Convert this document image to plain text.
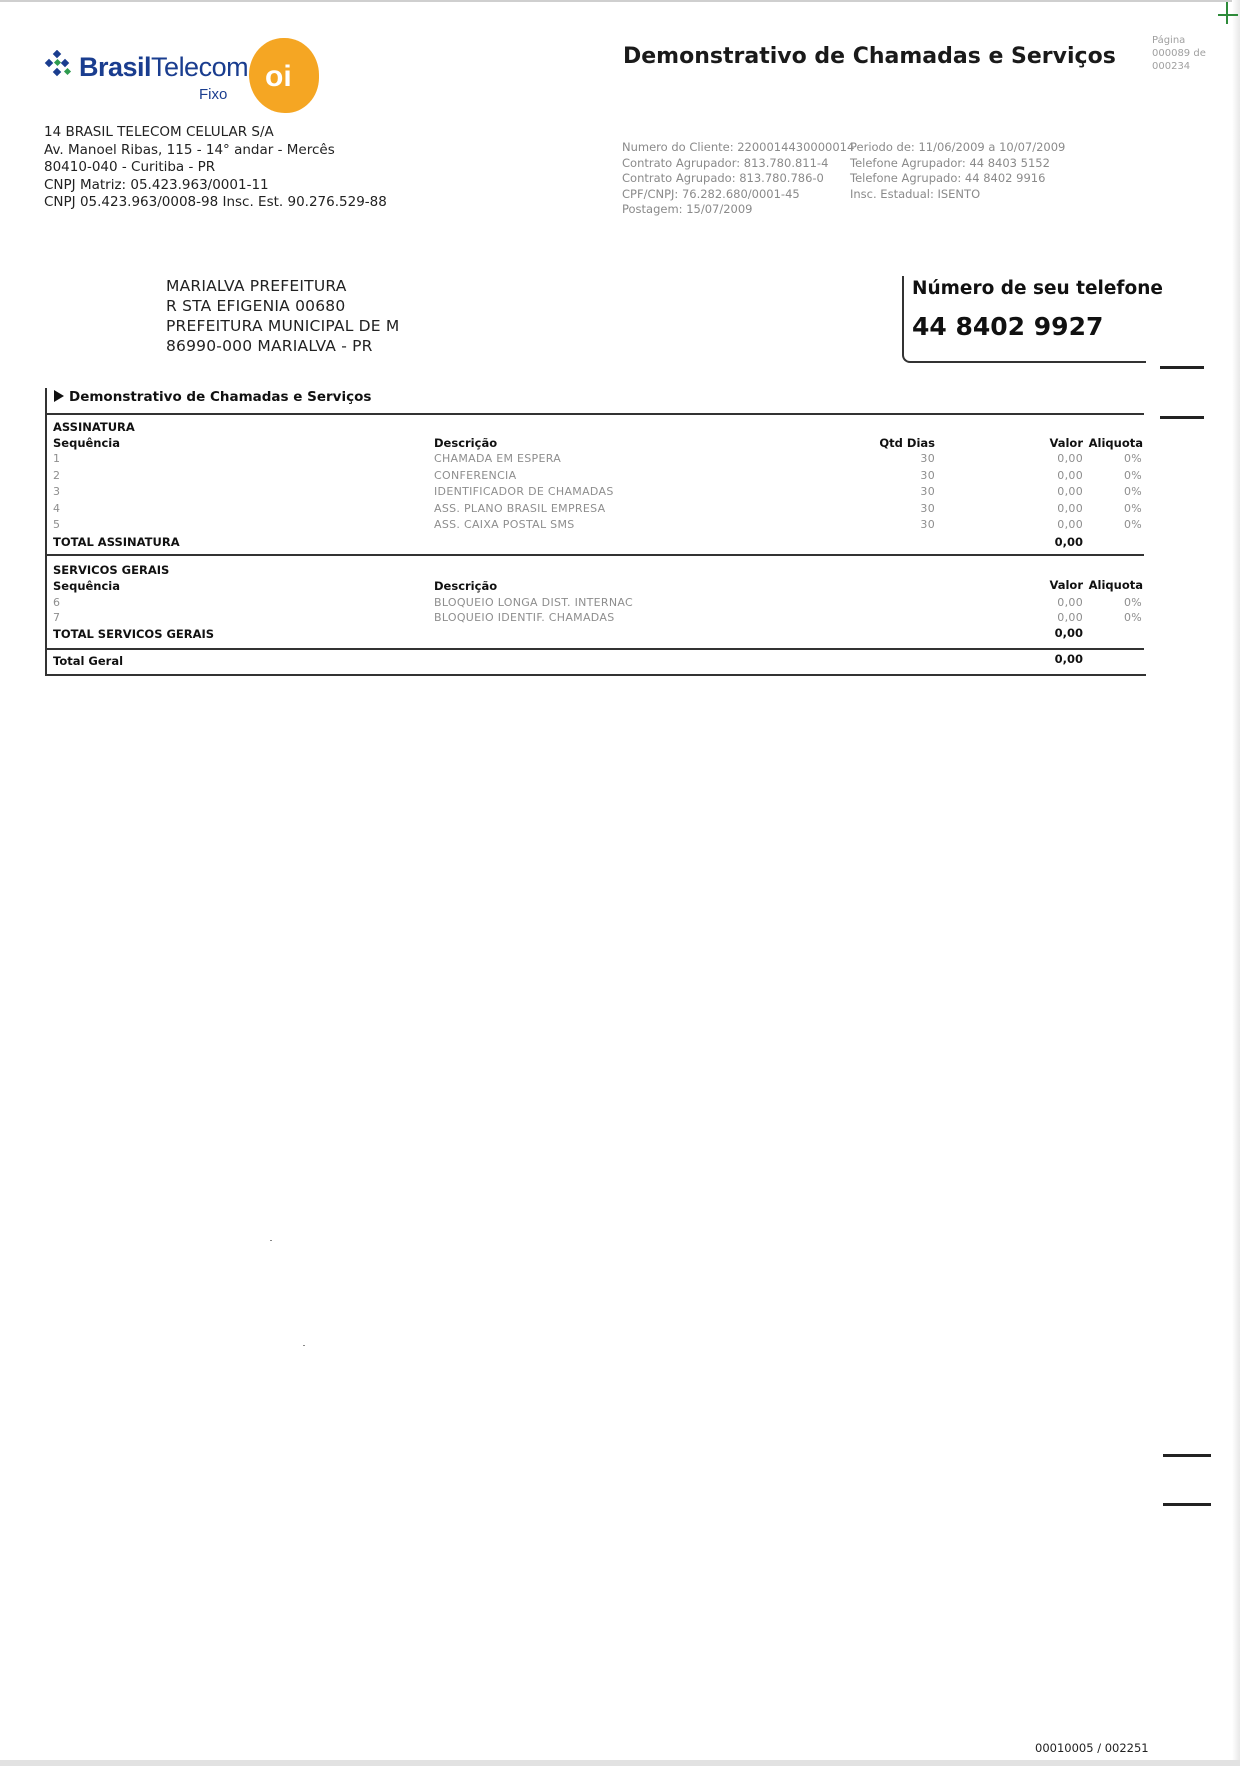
BrasilTelecom
Fixo
oi
14 BRASIL TELECOM CELULAR S/A
Av. Manoel Ribas, 115 - 14° andar - Mercês
80410-040 - Curitiba - PR
CNPJ Matriz: 05.423.963/0001-11
CNPJ 05.423.963/0008-98 Insc. Est. 90.276.529-88
Demonstrativo de Chamadas e Serviços
Página
000089 de
000234
Numero do Cliente: 2200014430000014
Contrato Agrupador: 813.780.811-4
Contrato Agrupado: 813.780.786-0
CPF/CNPJ: 76.282.680/0001-45
Postagem: 15/07/2009
Periodo de: 11/06/2009 a 10/07/2009
Telefone Agrupador: 44 8403 5152
Telefone Agrupado: 44 8402 9916
Insc. Estadual: ISENTO
MARIALVA PREFEITURA
R STA EFIGENIA 00680
PREFEITURA MUNICIPAL DE M
86990-000 MARIALVA - PR
Número de seu telefone
44 8402 9927
Demonstrativo de Chamadas e Serviços
ASSINATURA
Sequência	Descrição	Qtd Dias	Valor Aliquota
1	CHAMADA EM ESPERA	30	0,00	0%
2	CONFERENCIA	30	0,00	0%
3	IDENTIFICADOR DE CHAMADAS	30	0,00	0%
4	ASS. PLANO BRASIL EMPRESA	30	0,00	0%
5	ASS. CAIXA POSTAL SMS	30	0,00	0%
TOTAL ASSINATURA	0,00
SERVICOS GERAIS
Sequência	Descrição	Valor Aliquota
6	BLOQUEIO LONGA DIST. INTERNAC	0,00	0%
7	BLOQUEIO IDENTIF. CHAMADAS	0,00	0%
TOTAL SERVICOS GERAIS	0,00
Total Geral	0,00
00010005 / 002251
